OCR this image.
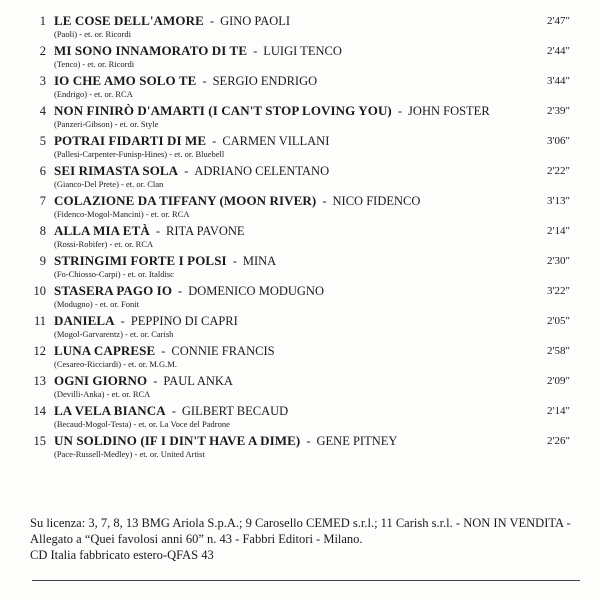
1 LE COSE DELL'AMORE - GINO PAOLI	2'47"
(Paoli) - et. or. Ricordi
2 MI SONO INNAMORATO DI TE - LUIGI TENCO	2'44"
(Tenco) - et. or. Ricordi
3 IO CHE AMO SOLO TE - SERGIO ENDRIGO	3'44"
(Endrigo) - et. or. RCA
4 NON FINIRÒ D'AMARTI (I CAN'T STOP LOVING YOU) - JOHN FOSTER	2'39"
(Panzeri-Gibson) - et. or. Style
5 POTRAI FIDARTI DI ME - CARMEN VILLANI	3'06"
(Pallesi-Carpenter-Funisp-Hines) - et. or. Bluebell
6 SEI RIMASTA SOLA - ADRIANO CELENTANO	2'22"
(Gianco-Del Prete) - et. or. Clan
7 COLAZIONE DA TIFFANY (MOON RIVER) - NICO FIDENCO	3'13"
(Fidenco-Mogol-Mancini) - et. or. RCA
8 ALLA MIA ETÀ - RITA PAVONE	2'14"
(Rossi-Robifer) - et. or. RCA
9 STRINGIMI FORTE I POLSI - MINA	2'30"
(Fo-Chiosso-Carpi) - et. or. Italdisc
10 STASERA PAGO IO - DOMENICO MODUGNO	3'22"
(Modugno) - et. or. Fonit
11 DANIELA - PEPPINO DI CAPRI	2'05"
(Mogol-Garvarentz) - et. or. Carish
12 LUNA CAPRESE - CONNIE FRANCIS	2'58"
(Cesareo-Ricciardi) - et. or. M.G.M.
13 OGNI GIORNO - PAUL ANKA	2'09"
(Devilli-Anka) - et. or. RCA
14 LA VELA BIANCA - GILBERT BECAUD	2'14"
(Becaud-Mogol-Testa) - et. or. La Voce del Padrone
15 UN SOLDINO (IF I DIN'T HAVE A DIME) - GENE PITNEY	2'26"
(Pace-Russell-Medley) - et. or. United Artist
Su licenza: 3, 7, 8, 13 BMG Ariola S.p.A.; 9 Carosello CEMED s.r.l.; 11 Carish s.r.l. - NON IN VENDITA -
Allegato a “Quei favolosi anni 60” n. 43 - Fabbri Editori - Milano.
CD Italia fabbricato estero-QFAS 43
